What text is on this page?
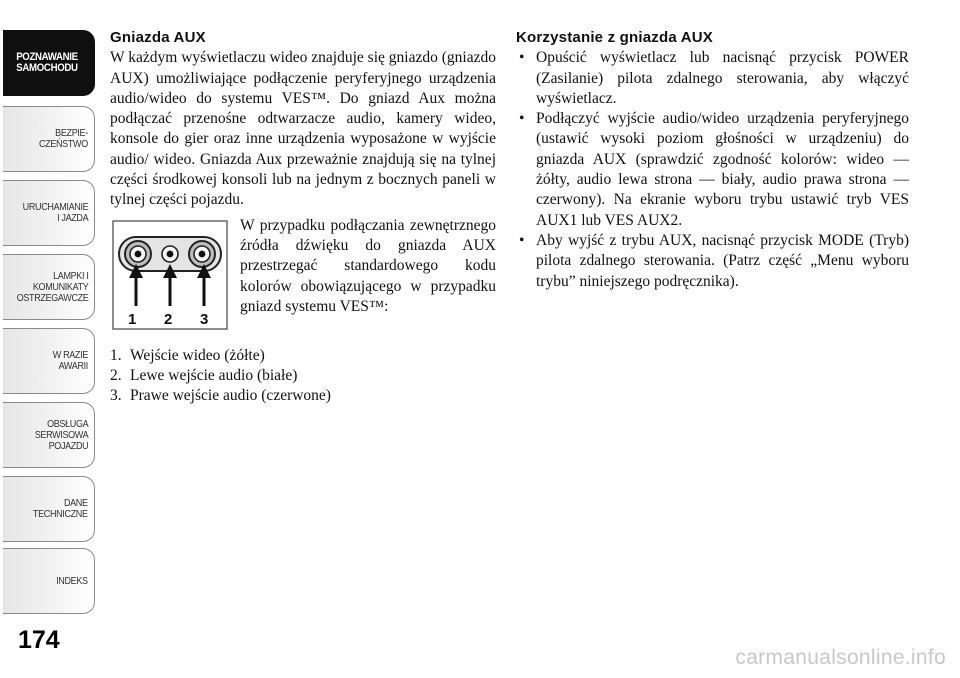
POZNAWANIE
SAMOCHODU
BEZPIE-
CZEŃSTWO
URUCHAMIANIE
I JAZDA
LAMPKI I
KOMUNIKATY
OSTRZEGAWCZE
W RAZIE
AWARII
OBSŁUGA
SERWISOWA
POJAZDU
DANE
TECHNICZNE
INDEKS
174
Gniazda AUX
W każdym wyświetlaczu wideo znajduje się gniazdo (gniazdo AUX) umożliwiające podłączenie peryferyjnego urządzenia audio/wideo do systemu VES™. Do gniazd Aux można podłączać przenośne odtwarzacze audio, kamery wideo, konsole do gier oraz inne urządzenia wyposażone w wyjście audio/ wideo. Gniazda Aux przeważnie znajdują się na tylnej części środkowej konsoli lub na jednym z bocznych paneli w tylnej części pojazdu.
1 2 3
W przypadku podłączania zewnętrznego źródła dźwięku do gniazda AUX przestrzegać standardowego kodu kolorów obowiązującego w przypadku gniazd systemu VES™:
1. Wejście wideo (żółte)
2. Lewe wejście audio (białe)
3. Prawe wejście audio (czerwone)
Korzystanie z gniazda AUX
• Opuścić wyświetlacz lub nacisnąć przycisk POWER (Zasilanie) pilota zdalnego sterowania, aby włączyć wyświetlacz.
• Podłączyć wyjście audio/wideo urządzenia peryferyjnego (ustawić wysoki poziom głośności w urządzeniu) do gniazda AUX (sprawdzić zgodność kolorów: wideo — żółty, audio lewa strona — biały, audio prawa strona — czerwony). Na ekranie wyboru trybu ustawić tryb VES AUX1 lub VES AUX2.
• Aby wyjść z trybu AUX, nacisnąć przycisk MODE (Tryb) pilota zdalnego sterowania. (Patrz część „Menu wyboru trybu” niniejszego podręcznika).
carmanualsonline.info
